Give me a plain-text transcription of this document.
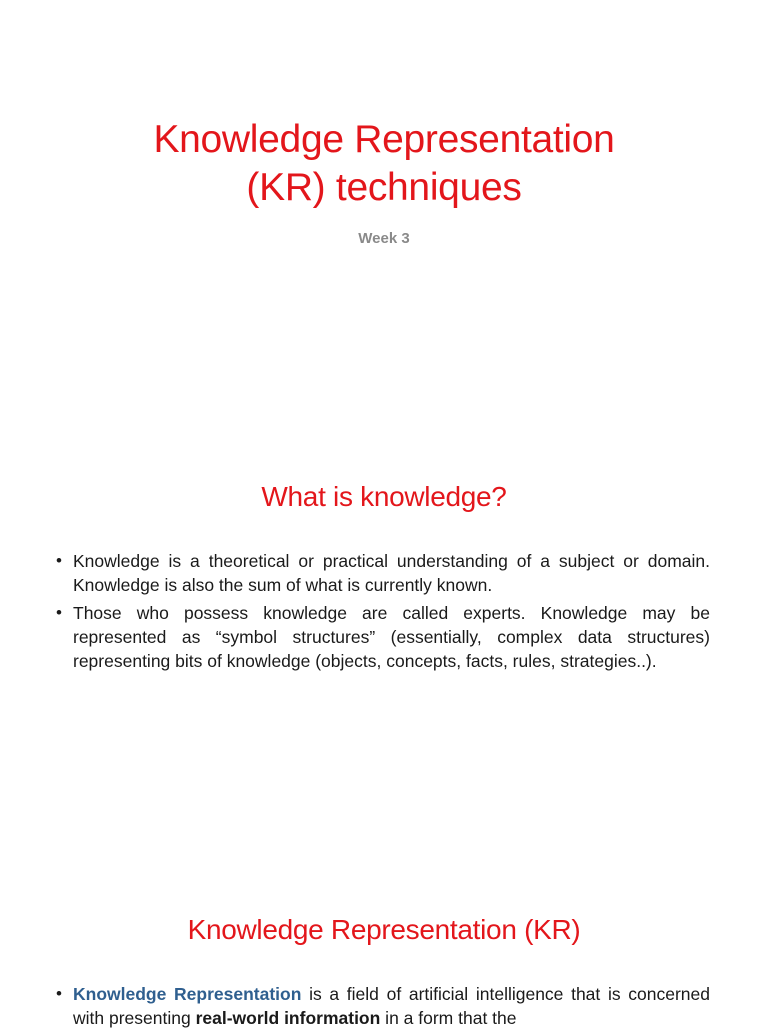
Knowledge Representation
(KR) techniques
Week 3
What is knowledge?
• Knowledge is a theoretical or practical understanding of a subject or domain. Knowledge is also the sum of what is currently known.
• Those who possess knowledge are called experts. Knowledge may be represented as “symbol structures” (essentially, complex data structures) representing bits of knowledge (objects, concepts, facts, rules, strategies..).
Knowledge Representation (KR)
• Knowledge Representation is a field of artificial intelligence that is concerned with presenting real-world information in a form that the
